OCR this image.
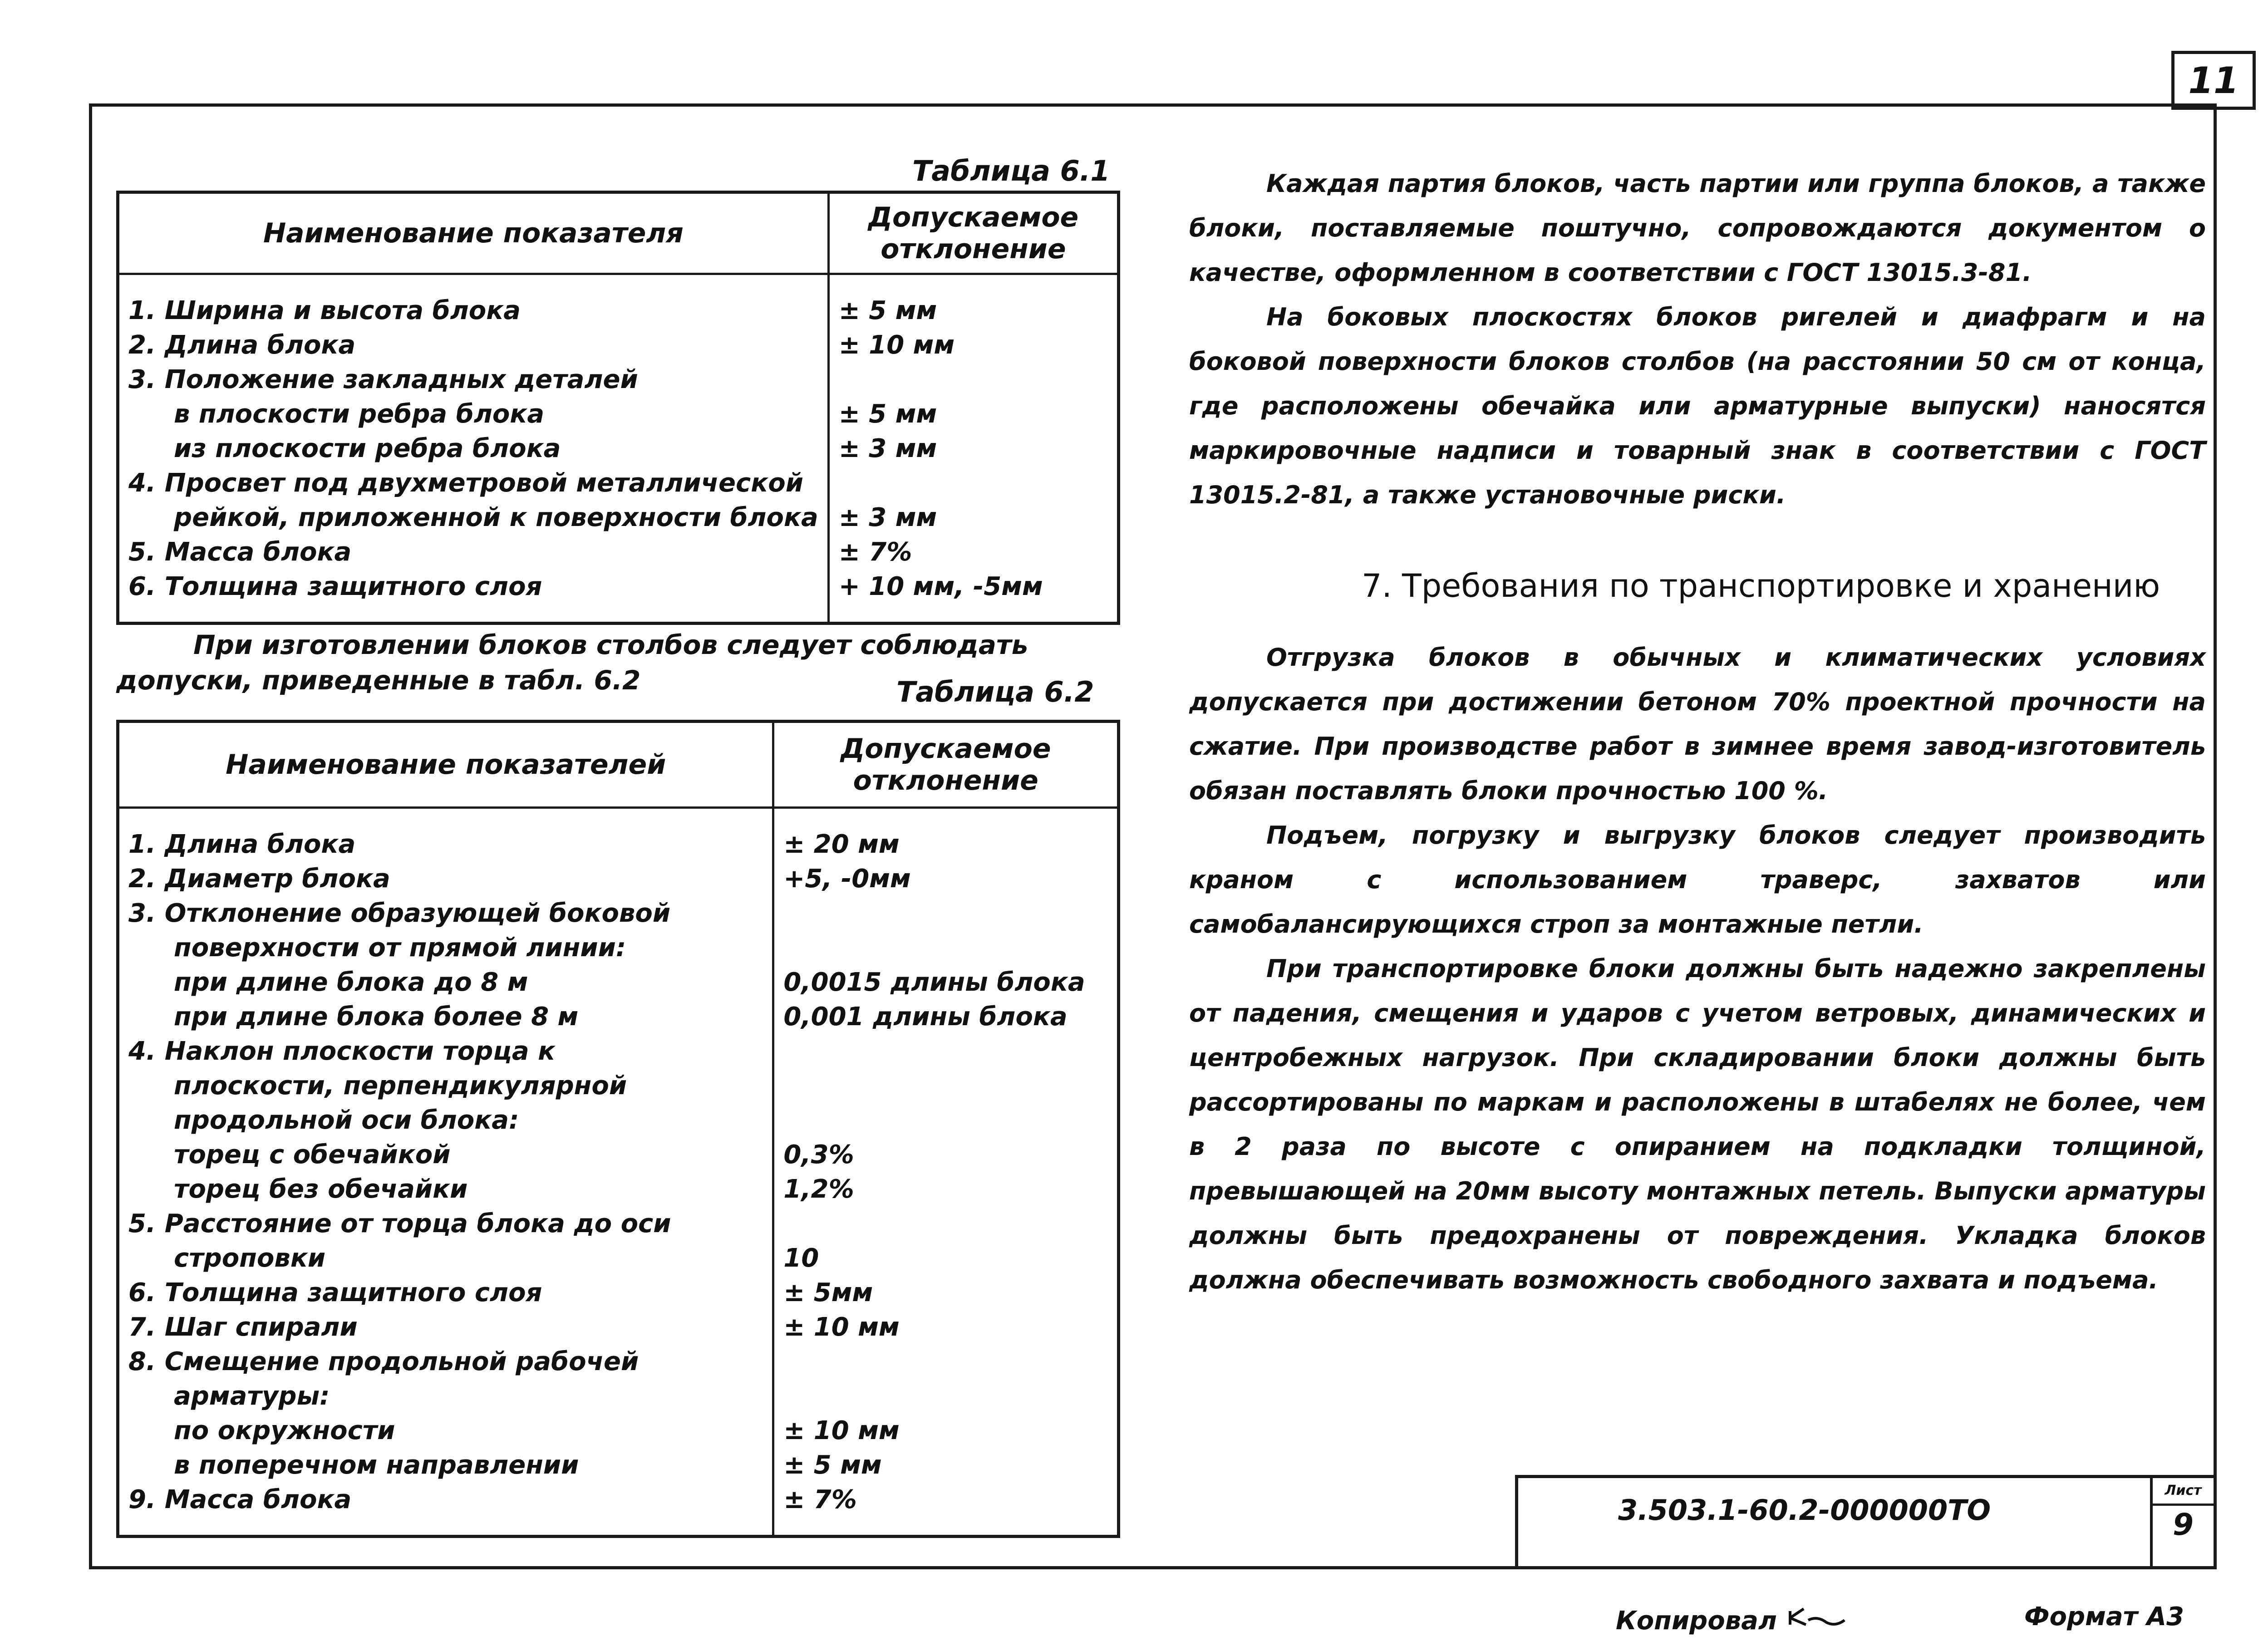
11
Таблица 6.1
Наименование показателя	Допускаемое отклонение

1. Ширина и высота блока	± 5 мм
2. Длина блока	± 10 мм
3. Положение закладных деталей	
в плоскости ребра блока	± 5 мм
из плоскости ребра блока	± 3 мм
4. Просвет под двухметровой металлической	
рейкой, приложенной к поверхности блока	± 3 мм
5. Масса блока	± 7%
6. Толщина защитного слоя	+ 10 мм, -5мм

При изготовлении блоков столбов следует соблюдать допуски, приведенные в табл. 6.2	Таблица 6.2
Наименование показателей	Допускаемое отклонение

1. Длина блока	± 20 мм
2. Диаметр блока	+5, -0мм
3. Отклонение образующей боковой	
поверхности от прямой линии:	
при длине блока до 8 м	0,0015 длины блока
при длине блока более 8 м	0,001 длины блока
4. Наклон плоскости торца к	
плоскости, перпендикулярной	
продольной оси блока:	
торец с обечайкой	0,3%
торец без обечайки	1,2%
5. Расстояние от торца блока до оси	
строповки	10
6. Толщина защитного слоя	± 5мм
7. Шаг спирали	± 10 мм
8. Смещение продольной рабочей	
арматуры:	
по окружности	± 10 мм
в поперечном направлении	± 5 мм
9. Масса блока	± 7%

Каждая партия блоков, часть партии или группа блоков, а также блоки, поставляемые поштучно, сопровождаются документом о качестве, оформленном в соответствии с ГОСТ 13015.3-81.

На боковых плоскостях блоков ригелей и диафрагм и на боковой поверхности блоков столбов (на расстоянии 50 см от конца, где расположены обечайка или арматурные выпуски) наносятся маркировочные надписи и товарный знак в соответствии с ГОСТ 13015.2-81, а также установочные риски.

7. Требования по транспортировке и хранению

Отгрузка блоков в обычных и климатических условиях допускается при достижении бетоном 70% проектной прочности на сжатие. При производстве работ в зимнее время завод-изготовитель обязан поставлять блоки прочностью 100 %.

Подъем, погрузку и выгрузку блоков следует производить краном с использованием траверс, захватов или самобалансирующихся строп за монтажные петли.

При транспортировке блоки должны быть надежно закреплены от падения, смещения и ударов с учетом ветровых, динамических и центробежных нагрузок. При складировании блоки должны быть рассортированы по маркам и расположены в штабелях не более, чем в 2 раза по высоте с опиранием на подкладки толщиной, превышающей на 20мм высоту монтажных петель. Выпуски арматуры должны быть предохранены от повреждения. Укладка блоков должна обеспечивать возможность свободного захвата и подъема.

3.503.1-60.2-000000ТО
Лист
9
Копировал	Формат А3
